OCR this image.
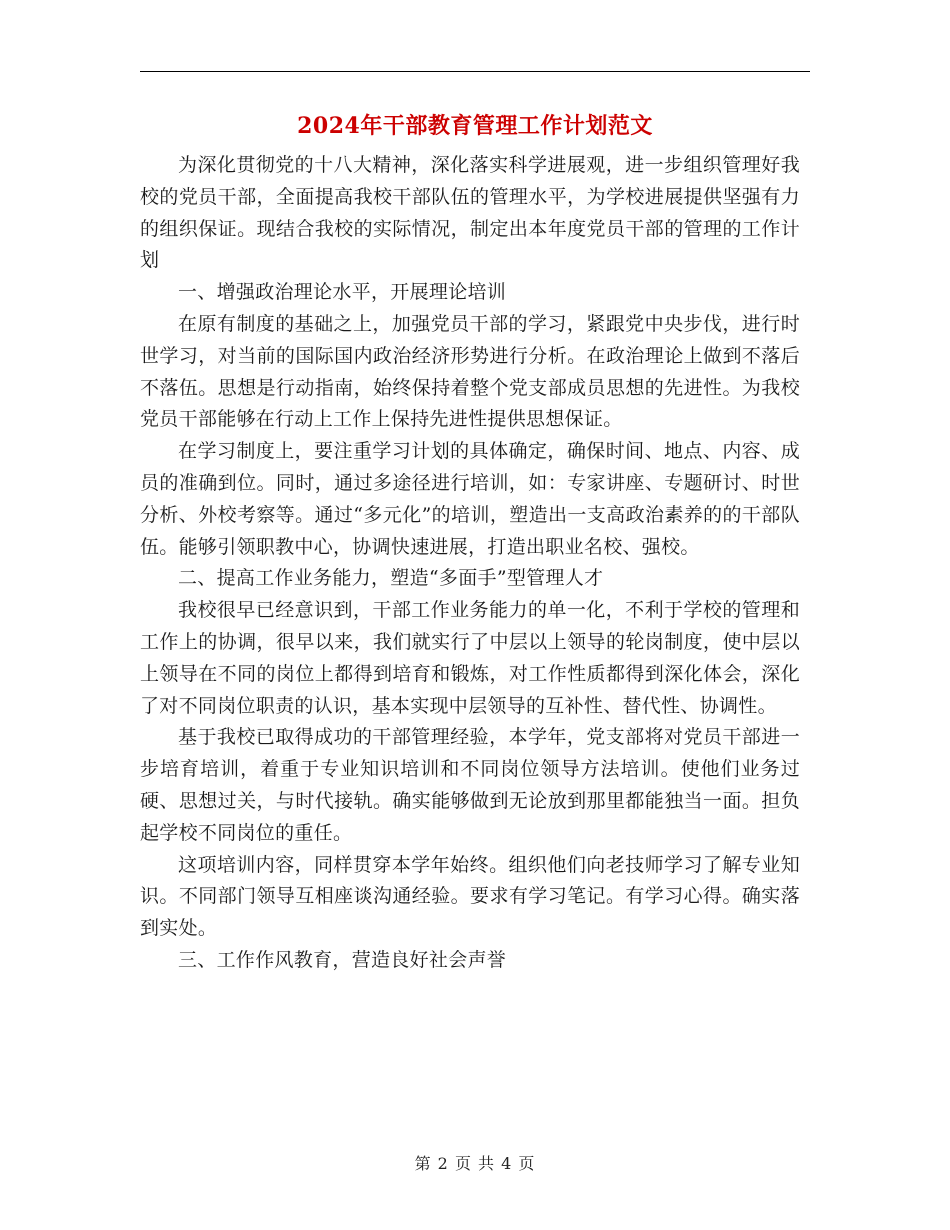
2024年干部教育管理工作计划范文

为深化贯彻党的十八大精神，深化落实科学进展观，进一步组织管理好我校的党员干部，全面提高我校干部队伍的管理水平，为学校进展提供坚强有力的组织保证。现结合我校的实际情况，制定出本年度党员干部的管理的工作计划

一、增强政治理论水平，开展理论培训

在原有制度的基础之上，加强党员干部的学习，紧跟党中央步伐，进行时世学习，对当前的国际国内政治经济形势进行分析。在政治理论上做到不落后不落伍。思想是行动指南，始终保持着整个党支部成员思想的先进性。为我校党员干部能够在行动上工作上保持先进性提供思想保证。

在学习制度上，要注重学习计划的具体确定，确保时间、地点、内容、成员的准确到位。同时，通过多途径进行培训，如：专家讲座、专题研讨、时世分析、外校考察等。通过“多元化”的培训，塑造出一支高政治素养的的干部队伍。能够引领职教中心，协调快速进展，打造出职业名校、强校。

二、提高工作业务能力，塑造“多面手”型管理人才

我校很早已经意识到，干部工作业务能力的单一化，不利于学校的管理和工作上的协调，很早以来，我们就实行了中层以上领导的轮岗制度，使中层以上领导在不同的岗位上都得到培育和锻炼，对工作性质都得到深化体会，深化了对不同岗位职责的认识，基本实现中层领导的互补性、替代性、协调性。

基于我校已取得成功的干部管理经验，本学年，党支部将对党员干部进一步培育培训，着重于专业知识培训和不同岗位领导方法培训。使他们业务过硬、思想过关，与时代接轨。确实能够做到无论放到那里都能独当一面。担负起学校不同岗位的重任。

这项培训内容，同样贯穿本学年始终。组织他们向老技师学习了解专业知识。不同部门领导互相座谈沟通经验。要求有学习笔记。有学习心得。确实落到实处。

三、工作作风教育，营造良好社会声誉

第 2 页 共 4 页
